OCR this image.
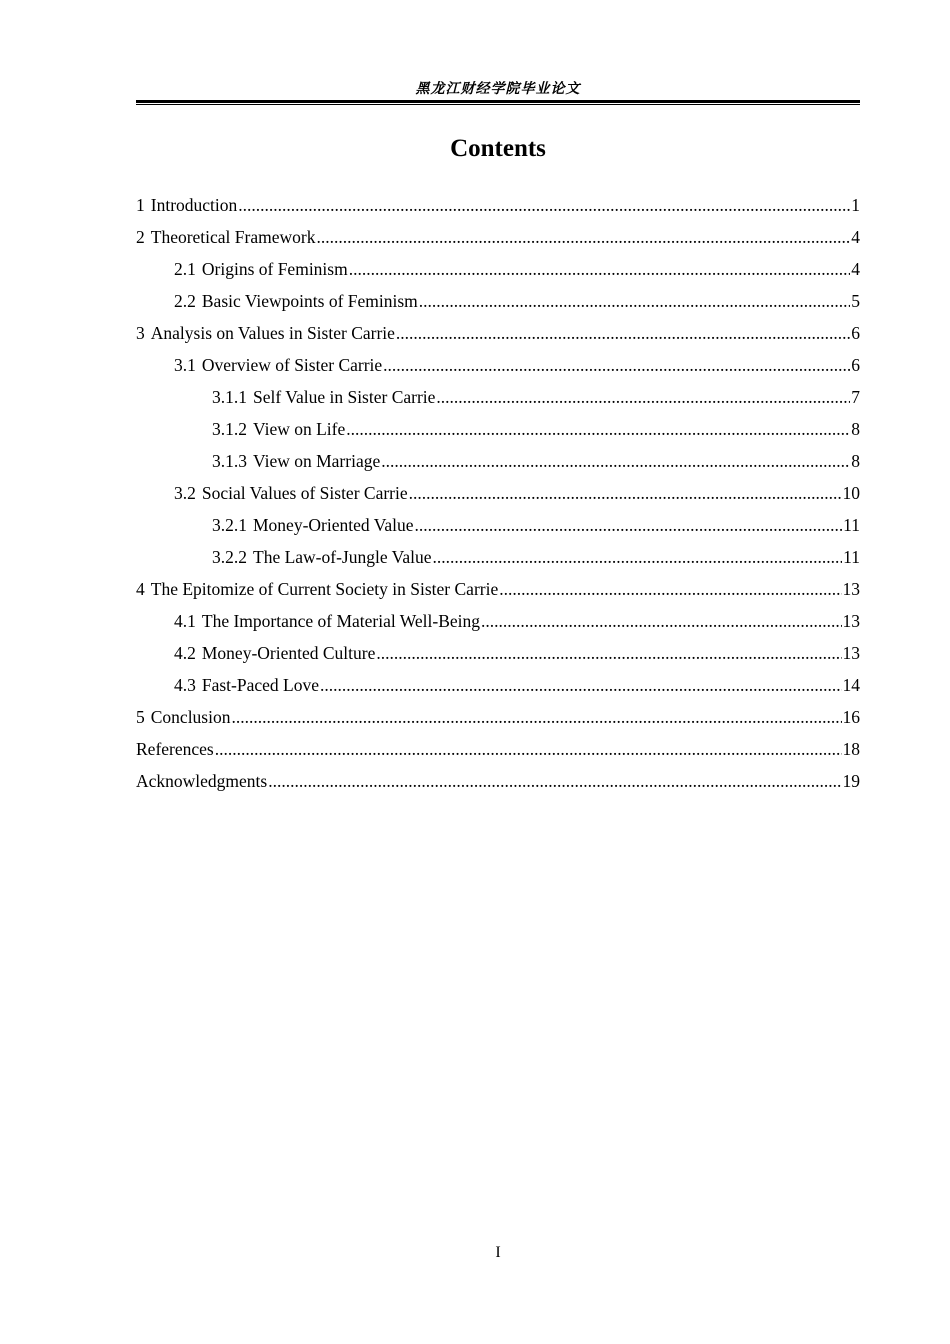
黑龙江财经学院毕业论文
Contents
1 Introduction .....	1
2 Theoretical Framework .....	4
2.1 Origins of Feminism .....	4
2.2 Basic Viewpoints of Feminism .....	5
3 Analysis on Values in Sister Carrie .....	6
3.1 Overview of Sister Carrie .....	6
3.1.1 Self Value in Sister Carrie .....	7
3.1.2 View on Life .....	8
3.1.3 View on Marriage .....	8
3.2 Social Values of Sister Carrie .....	10
3.2.1 Money-Oriented Value .....	11
3.2.2 The Law-of-Jungle Value .....	11
4 The Epitomize of Current Society in Sister Carrie .....	13
4.1 The Importance of Material Well-Being .....	13
4.2 Money-Oriented Culture .....	13
4.3 Fast-Paced Love .....	14
5 Conclusion .....	16
References .....	18
Acknowledgments .....	19
I
